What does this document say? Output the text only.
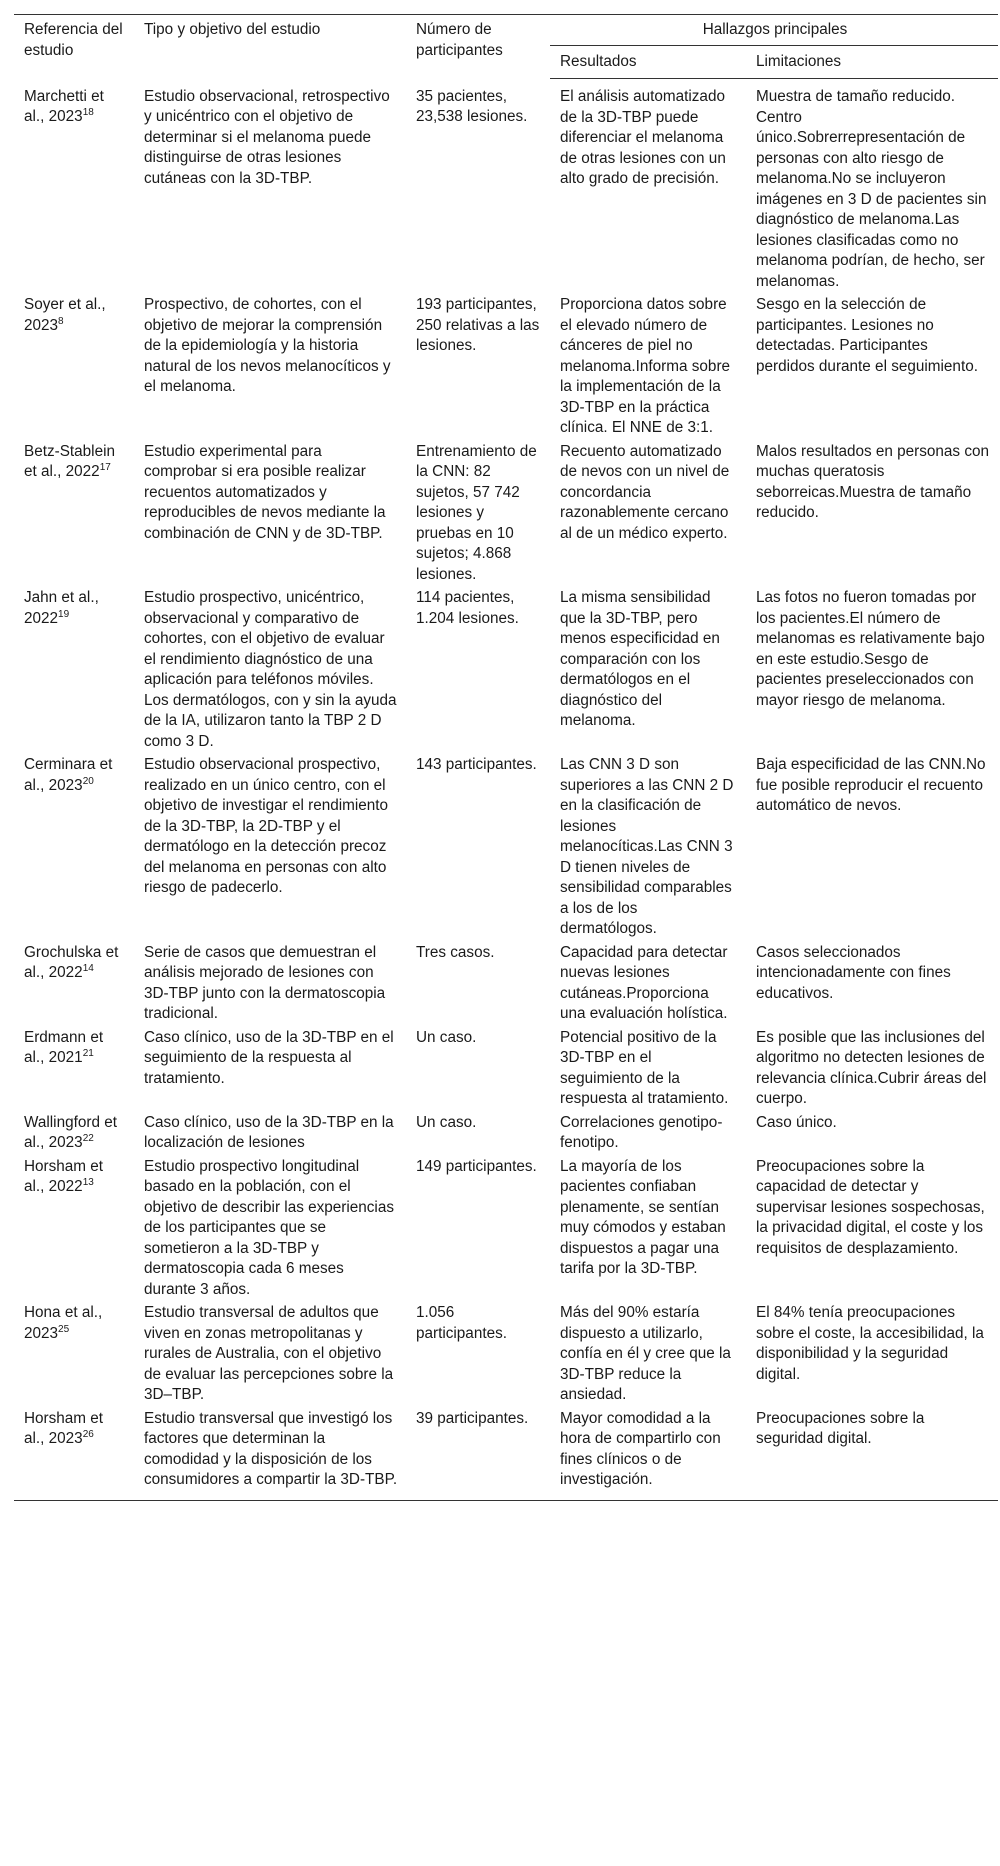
Referencia del estudio	Tipo y objetivo del estudio	Número de participantes	Hallazgos principales	
			Resultados	Limitaciones
Marchetti et al., 2023$^{18}$	Estudio observacional, retrospectivo y unicéntrico con el objetivo de determinar si el melanoma puede distinguirse de otras lesiones cutáneas con la 3D-TBP.	35 pacientes, 23,538 lesiones.	El análisis automatizado de la 3D-TBP puede diferenciar el melanoma de otras lesiones con un alto grado de precisión.	Muestra de tamaño reducido. Centro único.Sobrerrepresentación de personas con alto riesgo de melanoma.No se incluyeron imágenes en 3 D de pacientes sin diagnóstico de melanoma.Las lesiones clasificadas como no melanoma podrían, de hecho, ser melanomas.
Soyer et al., 2023$^8$	Prospectivo, de cohortes, con el objetivo de mejorar la comprensión de la epidemiología y la historia natural de los nevos melanocíticos y el melanoma.	193 participantes, 250 relativas a las lesiones.	Proporciona datos sobre el elevado número de cánceres de piel no melanoma.Informa sobre la implementación de la 3D-TBP en la práctica clínica. El NNE de 3:1.	Sesgo en la selección de participantes. Lesiones no detectadas. Participantes perdidos durante el seguimiento.
Betz-Stablein et al., 2022$^{17}$	Estudio experimental para comprobar si era posible realizar recuentos automatizados y reproducibles de nevos mediante la combinación de CNN y de 3D-TBP.	Entrenamiento de la CNN: 82 sujetos, 57 742 lesiones y pruebas en 10 sujetos; 4.868 lesiones.	Recuento automatizado de nevos con un nivel de concordancia razonablemente cercano al de un médico experto.	Malos resultados en personas con muchas queratosis seborreicas.Muestra de tamaño reducido.
Jahn et al., 2022$^{19}$	Estudio prospectivo, unicéntrico, observacional y comparativo de cohortes, con el objetivo de evaluar el rendimiento diagnóstico de una aplicación para teléfonos móviles. Los dermatólogos, con y sin la ayuda de la IA, utilizaron tanto la TBP 2 D como 3 D.	114 pacientes, 1.204 lesiones.	La misma sensibilidad que la 3D-TBP, pero menos especificidad en comparación con los dermatólogos en el diagnóstico del melanoma.	Las fotos no fueron tomadas por los pacientes.El número de melanomas es relativamente bajo en este estudio.Sesgo de pacientes preseleccionados con mayor riesgo de melanoma.
Cerminara et al., 2023$^{20}$	Estudio observacional prospectivo, realizado en un único centro, con el objetivo de investigar el rendimiento de la 3D-TBP, la 2D-TBP y el dermatólogo en la detección precoz del melanoma en personas con alto riesgo de padecerlo.	143 participantes.	Las CNN 3 D son superiores a las CNN 2 D en la clasificación de lesiones melanocíticas.Las CNN 3 D tienen niveles de sensibilidad comparables a los de los dermatólogos.	Baja especificidad de las CNN.No fue posible reproducir el recuento automático de nevos.
Grochulska et al., 2022$^{14}$	Serie de casos que demuestran el análisis mejorado de lesiones con 3D-TBP junto con la dermatoscopia tradicional.	Tres casos.	Capacidad para detectar nuevas lesiones cutáneas.Proporciona una evaluación holística.	Casos seleccionados intencionadamente con fines educativos.
Erdmann et al., 2021$^{21}$	Caso clínico, uso de la 3D-TBP en el seguimiento de la respuesta al tratamiento.	Un caso.	Potencial positivo de la 3D-TBP en el seguimiento de la respuesta al tratamiento.	Es posible que las inclusiones del algoritmo no detecten lesiones de relevancia clínica.Cubrir áreas del cuerpo.
Wallingford et al., 2023$^{22}$	Caso clínico, uso de la 3D-TBP en la localización de lesiones	Un caso.	Correlaciones genotipo-fenotipo.	Caso único.
Horsham et al., 2022$^{13}$	Estudio prospectivo longitudinal basado en la población, con el objetivo de describir las experiencias de los participantes que se sometieron a la 3D-TBP y dermatoscopia cada 6 meses durante 3 años.	149 participantes.	La mayoría de los pacientes confiaban plenamente, se sentían muy cómodos y estaban dispuestos a pagar una tarifa por la 3D-TBP.	Preocupaciones sobre la capacidad de detectar y supervisar lesiones sospechosas, la privacidad digital, el coste y los requisitos de desplazamiento.
Hona et al., 2023$^{25}$	Estudio transversal de adultos que viven en zonas metropolitanas y rurales de Australia, con el objetivo de evaluar las percepciones sobre la 3D–TBP.	1.056 participantes.	Más del 90% estaría dispuesto a utilizarlo, confía en él y cree que la 3D-TBP reduce la ansiedad.	El 84% tenía preocupaciones sobre el coste, la accesibilidad, la disponibilidad y la seguridad digital.
Horsham et al., 2023$^{26}$	Estudio transversal que investigó los factores que determinan la comodidad y la disposición de los consumidores a compartir la 3D-TBP.	39 participantes.	Mayor comodidad a la hora de compartirlo con fines clínicos o de investigación.	Preocupaciones sobre la seguridad digital.
